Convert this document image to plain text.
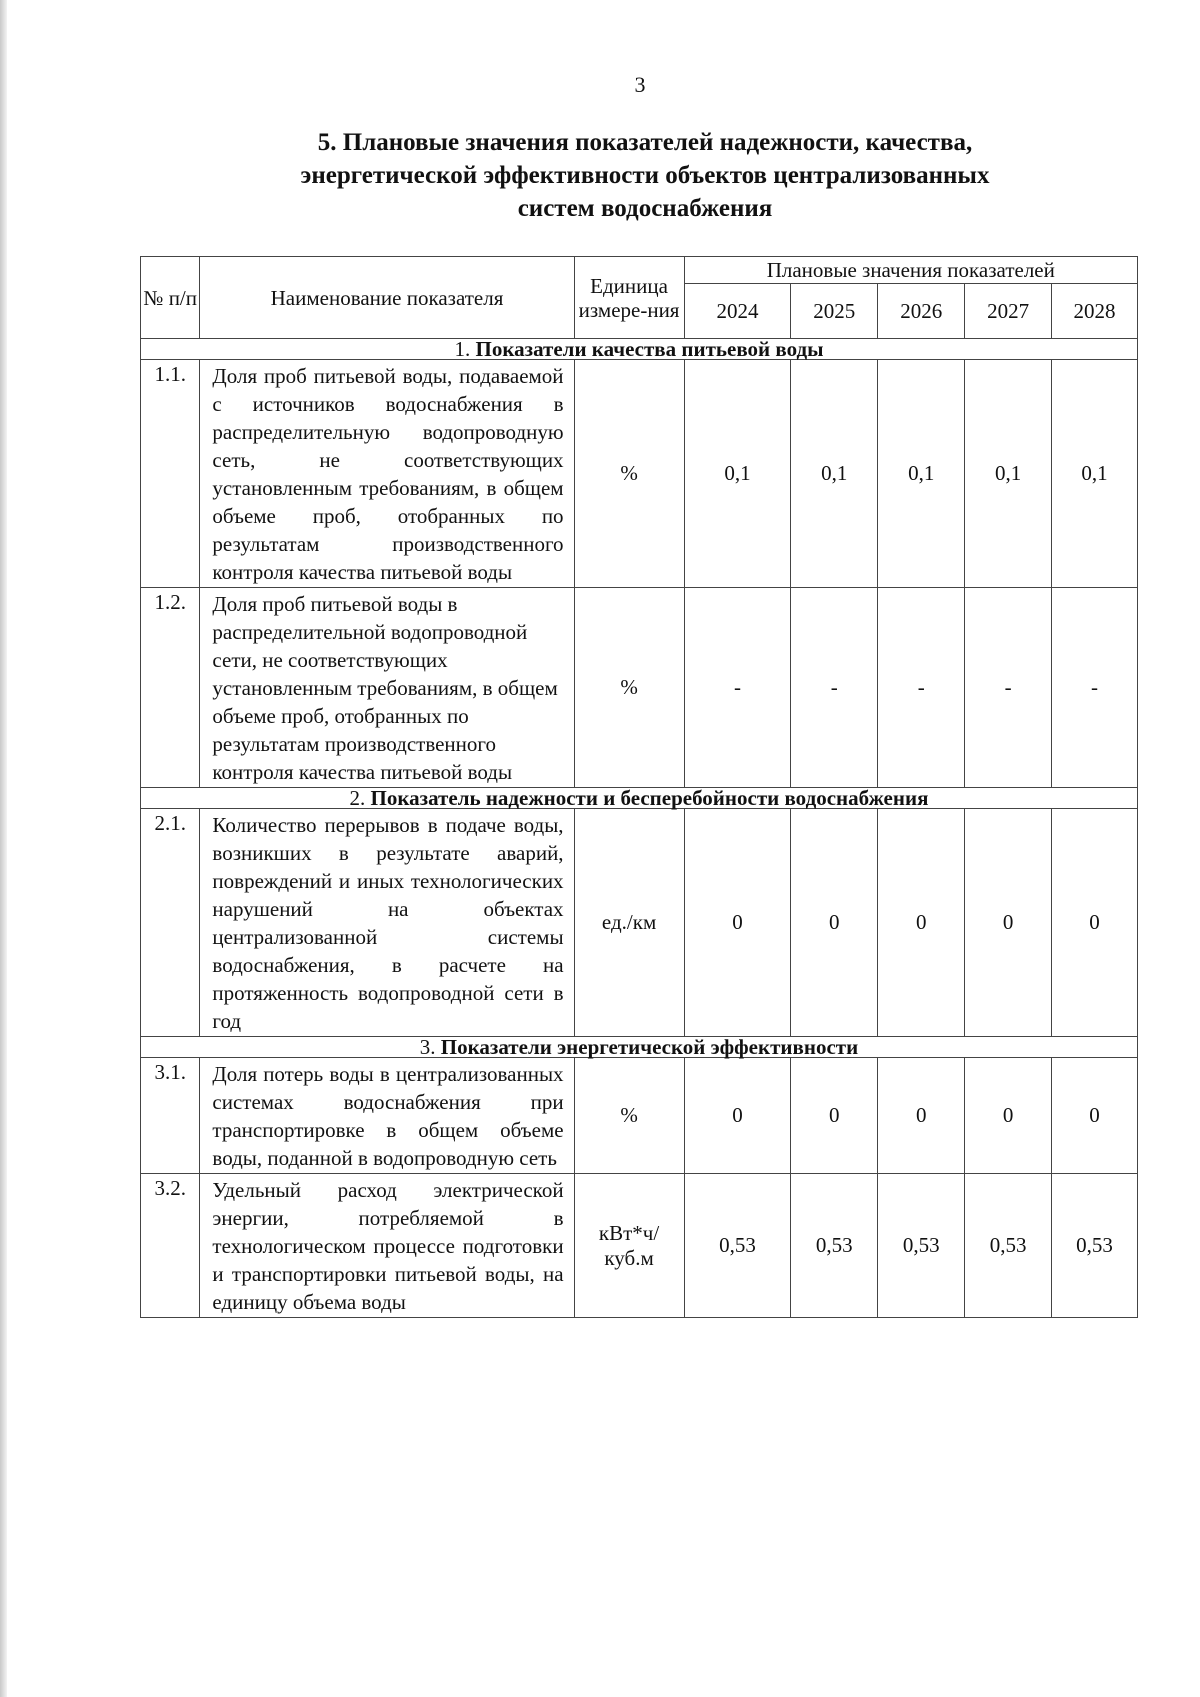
3
5. Плановые значения показателей надежности, качества,
энергетической эффективности объектов централизованных
систем водоснабжения
№ п/п	Наименование показателя	Единица измере-ния	Плановые значения показателей				
			2024	2025	2026	2027	2028
1. Показатели качества питьевой воды							
1.1.	Доля проб питьевой воды, подаваемой с источников водоснабжения в распределительную водопроводную сеть, не соответствующих установленным требованиям, в общем объеме проб, отобранных по результатам производственного контроля качества питьевой воды	%	0,1	0,1	0,1	0,1	0,1
1.2.	Доля проб питьевой воды в распределительной водопроводной сети, не соответствующих установленным требованиям, в общем объеме проб, отобранных по результатам производственного контроля качества питьевой воды	%	-	-	-	-	-
2. Показатель надежности и бесперебойности водоснабжения							
2.1.	Количество перерывов в подаче воды, возникших в результате аварий, повреждений и иных технологических нарушений на объектах централизованной системы водоснабжения, в расчете на протяженность водопроводной сети в год	ед./км	0	0	0	0	0
3. Показатели энергетической эффективности							
3.1.	Доля потерь воды в централизованных системах водоснабжения при транспортировке в общем объеме воды, поданной в водопроводную сеть	%	0	0	0	0	0
3.2.	Удельный расход электрической энергии, потребляемой в технологическом процессе подготовки и транспортировки питьевой воды, на единицу объема воды	кВт*ч/ куб.м	0,53	0,53	0,53	0,53	0,53
